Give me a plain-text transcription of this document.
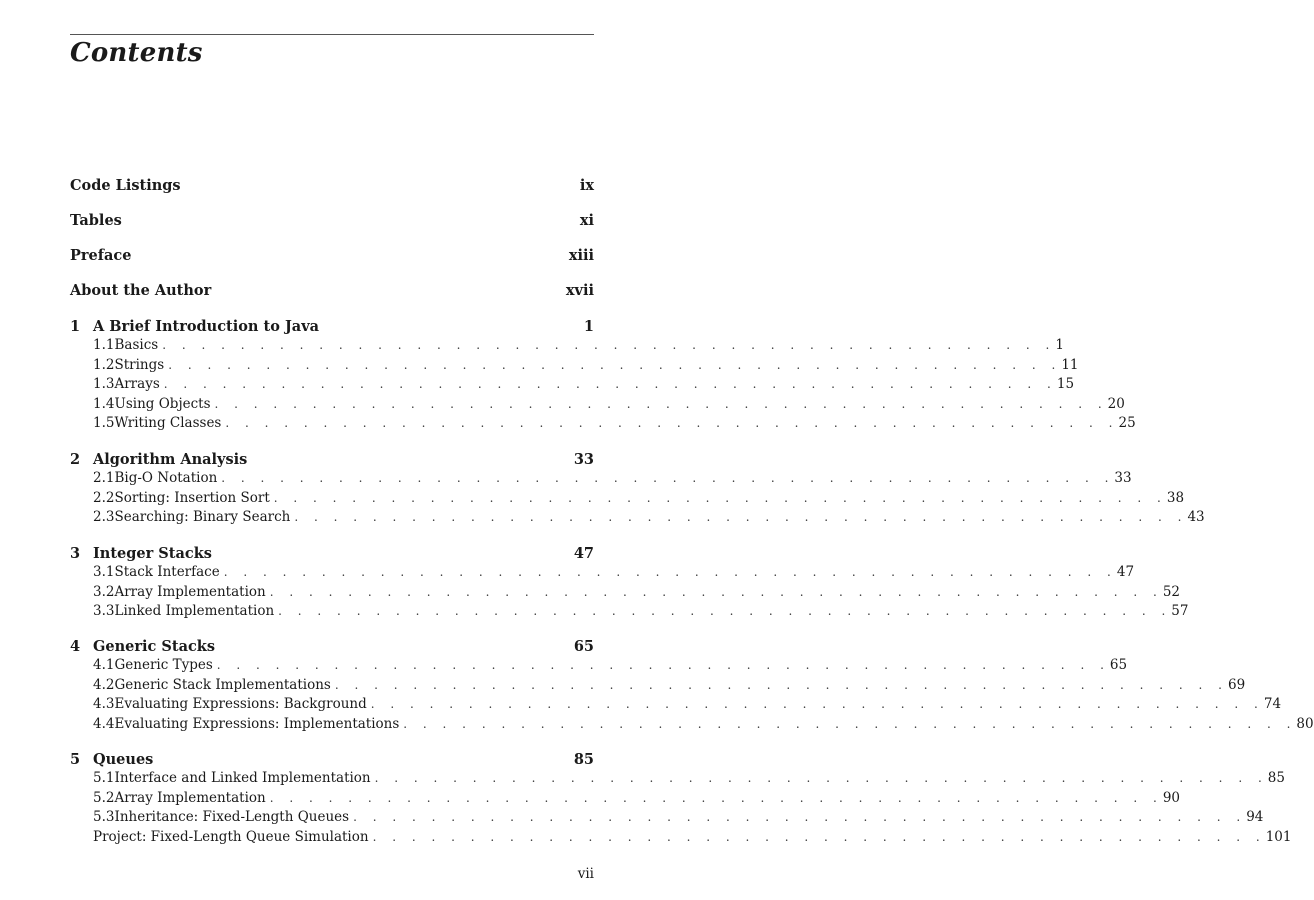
Contents
Code Listings	ix
Tables	xi
Preface	xiii
About the Author	xvii
1 A Brief Introduction to Java	1
1.1 Basics . . . . . . . . . . . . . . . . . . . . . . . . . . . . . . . . . . . . . . . . . . . . . . 1
1.2 Strings . . . . . . . . . . . . . . . . . . . . . . . . . . . . . . . . . . . . . . . . . . . . . . 11
1.3 Arrays . . . . . . . . . . . . . . . . . . . . . . . . . . . . . . . . . . . . . . . . . . . . . . 15
1.4 Using Objects . . . . . . . . . . . . . . . . . . . . . . . . . . . . . . . . . . . . . . . . . . . . . . 20
1.5 Writing Classes . . . . . . . . . . . . . . . . . . . . . . . . . . . . . . . . . . . . . . . . . . . . . . 25
2 Algorithm Analysis	33
2.1 Big-O Notation . . . . . . . . . . . . . . . . . . . . . . . . . . . . . . . . . . . . . . . . . . . . . . 33
2.2 Sorting: Insertion Sort . . . . . . . . . . . . . . . . . . . . . . . . . . . . . . . . . . . . . . . . . . . . . . 38
2.3 Searching: Binary Search . . . . . . . . . . . . . . . . . . . . . . . . . . . . . . . . . . . . . . . . . . . . . . 43
3 Integer Stacks	47
3.1 Stack Interface . . . . . . . . . . . . . . . . . . . . . . . . . . . . . . . . . . . . . . . . . . . . . . 47
3.2 Array Implementation . . . . . . . . . . . . . . . . . . . . . . . . . . . . . . . . . . . . . . . . . . . . . . 52
3.3 Linked Implementation . . . . . . . . . . . . . . . . . . . . . . . . . . . . . . . . . . . . . . . . . . . . . . 57
4 Generic Stacks	65
4.1 Generic Types . . . . . . . . . . . . . . . . . . . . . . . . . . . . . . . . . . . . . . . . . . . . . . 65
4.2 Generic Stack Implementations . . . . . . . . . . . . . . . . . . . . . . . . . . . . . . . . . . . . . . . . . . . . . . 69
4.3 Evaluating Expressions: Background . . . . . . . . . . . . . . . . . . . . . . . . . . . . . . . . . . . . . . . . . . . . . . 74
4.4 Evaluating Expressions: Implementations . . . . . . . . . . . . . . . . . . . . . . . . . . . . . . . . . . . . . . . . . . . . . . 80
5 Queues	85
5.1 Interface and Linked Implementation . . . . . . . . . . . . . . . . . . . . . . . . . . . . . . . . . . . . . . . . . . . . . . 85
5.2 Array Implementation . . . . . . . . . . . . . . . . . . . . . . . . . . . . . . . . . . . . . . . . . . . . . . 90
5.3 Inheritance: Fixed-Length Queues . . . . . . . . . . . . . . . . . . . . . . . . . . . . . . . . . . . . . . . . . . . . . . 94
Project: Fixed-Length Queue Simulation . . . . . . . . . . . . . . . . . . . . . . . . . . . . . . . . . . . . . . . . . . . . . . 101
vii
